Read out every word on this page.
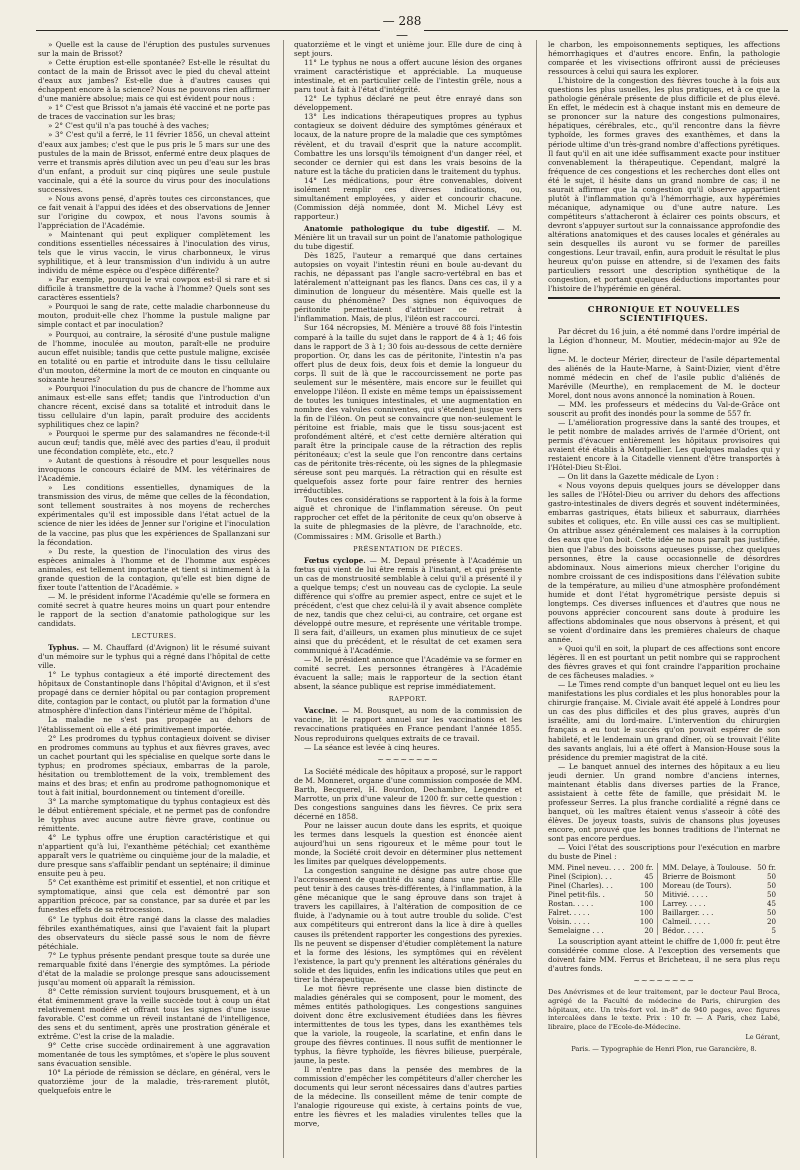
— 288 —

» Quelle est la cause de l'éruption des pustules survenues sur la main de Brissot?

» Cette éruption est-elle spontanée? Est-elle le résultat du contact de la main de Brissot avec le pied du cheval atteint d'eaux aux jambes? Est-elle due à d'autres causes qui échappent encore à la science? Nous ne pouvons rien affirmer d'une manière absolue; mais ce qui est évident pour nous :

» 1° C'est que Brissot n'a jamais été vacciné et ne porte pas de traces de vaccination sur les bras;

» 2° C'est qu'il n'a pas touché à des vaches;

» 3° C'est qu'il a ferré, le 11 février 1856, un cheval atteint d'eaux aux jambes; c'est que le pus pris le 5 mars sur une des pustules de la main de Brissot, enfermé entre deux plaques de verre et transmis après dilution avec un peu d'eau sur les bras d'un enfant, a produit sur cinq piqûres une seule pustule vaccinale, qui a été la source du virus pour des inoculations successives.

» Nous avons pensé, d'après toutes ces circonstances, que ce fait venait à l'appui des idées et des observations de Jenner sur l'origine du cowpox, et nous l'avons soumis à l'appréciation de l'Académie.

» Maintenant qui peut expliquer complètement les conditions essentielles nécessaires à l'inoculation des virus, tels que le virus vaccin, le virus charbonneux, le virus syphilitique, et à leur transmission d'un individu à un autre individu de même espèce ou d'espèce différente?

» Par exemple, pourquoi le vrai cowpox est-il si rare et si difficile à transmettre de la vache à l'homme? Quels sont ses caractères essentiels?

» Pourquoi le sang de rate, cette maladie charbonneuse du mouton, produit-elle chez l'homme la pustule maligne par simple contact et par inoculation?

» Pourquoi, au contraire, la sérosité d'une pustule maligne de l'homme, inoculée au mouton, paraît-elle ne produire aucun effet nuisible; tandis que cette pustule maligne, excisée en totalité ou en partie et introduite dans le tissu cellulaire d'un mouton, détermine la mort de ce mouton en cinquante ou soixante heures?

» Pourquoi l'inoculation du pus de chancre de l'homme aux animaux est-elle sans effet; tandis que l'introduction d'un chancre récent, excisé dans sa totalité et introduit dans le tissu cellulaire d'un lapin, paraît produire des accidents syphilitiques chez ce lapin?

» Pourquoi le sperme pur des salamandres ne féconde-t-il aucun œuf; tandis que, mêlé avec des parties d'eau, il produit une fécondation complète, etc., etc.?

» Autant de questions à résoudre et pour lesquelles nous invoquons le concours éclairé de MM. les vétérinaires de l'Académie.

» Les conditions essentielles, dynamiques de la transmission des virus, de même que celles de la fécondation, sont tellement soustraites à nos moyens de recherches expérimentales qu'il est impossible dans l'état actuel de la science de nier les idées de Jenner sur l'origine et l'inoculation de la vaccine, pas plus que les expériences de Spallanzani sur la fécondation.

» Du reste, la question de l'inoculation des virus des espèces animales à l'homme et de l'homme aux espèces animales, est tellement importante et tient si intimement à la grande question de la contagion, qu'elle est bien digne de fixer toute l'attention de l'Académie. »

— M. le président informe l'Académie qu'elle se formera en comité secret à quatre heures moins un quart pour entendre le rapport de la section d'anatomie pathologique sur les candidats.

LECTURES.

Typhus. — M. Chauffard (d'Avignon) lit le résumé suivant d'un mémoire sur le typhus qui a régné dans l'hôpital de cette ville.

1° Le typhus contagieux a été importé directement des hôpitaux de Constantinople dans l'hôpital d'Avignon, et il s'est propagé dans ce dernier hôpital ou par contagion proprement dite, contagion par le contact, ou plutôt par la formation d'une atmosphère d'infection dans l'intérieur même de l'hôpital.

La maladie ne s'est pas propagée au dehors de l'établissement où elle a été primitivement importée.

2° Les prodromes du typhus contagieux doivent se diviser en prodromes communs au typhus et aux fièvres graves, avec un cachet pourtant qui les spécialise en quelque sorte dans le typhus; en prodromes spéciaux, embarras de la parole, hésitation ou tremblottement de la voix, tremblement des mains et des bras; et enfin au prodrome pathognomonique et tout à fait initial, bourdonnement ou tintement d'oreille.

3° La marche symptomatique du typhus contagieux est dès le début entièrement spéciale, et ne permet pas de confondre le typhus avec aucune autre fièvre grave, continue ou rémittente.

4° Le typhus offre une éruption caractéristique et qui n'appartient qu'à lui, l'exanthème pétéchial; cet exanthème apparaît vers le quatrième ou cinquième jour de la maladie, et dure presque sans s'affaiblir pendant un septénaire; il diminue ensuite peu à peu.

5° Cet exanthème est primitif et essentiel, et non critique et symptomatique, ainsi que cela est démontré par son apparition précoce, par sa constance, par sa durée et par les funestes effets de sa rétrocession.

6° Le typhus doit être rangé dans la classe des maladies fébriles exanthématiques, ainsi que l'avaient fait la plupart des observateurs du siècle passé sous le nom de fièvre pétéchiale.

7° Le typhus présente pendant presque toute sa durée une remarquable fixité dans l'énergie des symptômes. La période d'état de la maladie se prolonge presque sans adoucissement jusqu'au moment où apparaît la rémission.

8° Cette rémission survient toujours brusquement, et à un état éminemment grave la veille succède tout à coup un état relativement modéré et offrant tous les signes d'une issue favorable. C'est comme un réveil instantané de l'intelligence, des sens et du sentiment, après une prostration générale et extrême. C'est la crise de la maladie.

9° Cette crise succède ordinairement à une aggravation momentanée de tous les symptômes, et s'opère le plus souvent sans évacuation sensible.

10° La période de rémission se déclare, en général, vers le quatorzième jour de la maladie, très-rarement plutôt, quelquefois entre le

quatorzième et le vingt et unième jour. Elle dure de cinq à sept jours.

11° Le typhus ne nous a offert aucune lésion des organes vraiment caractéristique et appréciable. La muqueuse intestinale, et en particulier celle de l'intestin grêle, nous a paru tout à fait à l'état d'intégrité.

12° Le typhus déclaré ne peut être enrayé dans son développement.

13° Les indications thérapeutiques propres au typhus contagieux se doivent déduire des symptômes généraux et locaux, de la nature propre de la maladie que ces symptômes révèlent, et du travail d'esprit que la nature accomplit. Combattre les uns lorsqu'ils témoignent d'un danger réel, et seconder ce dernier qui est dans les vrais besoins de la nature est la tâche du praticien dans le traitement du typhus.

14° Les médications, pour être convenables, doivent isolément remplir ces diverses indications, ou, simultanément employées, y aider et concourir chacune. (Commission déjà nommée, dont M. Michel Lévy est rapporteur.)

Anatomie pathologique du tube digestif. — M. Ménière lit un travail sur un point de l'anatomie pathologique du tube digestif.

Dès 1825, l'auteur a remarqué que dans certaines autopsies on voyait l'intestin réuni en boule au-devant du rachis, ne dépassant pas l'angle sacro-vertébral en bas et latéralement n'atteignant pas les flancs. Dans ces cas, il y a diminution de longueur du mésentère. Mais quelle est la cause du phénomène? Des signes non équivoques de péritonite permettaient d'attribuer ce retrait à l'inflammation. Mais, de plus, l'iléon est raccourci.

Sur 164 nécropsies, M. Ménière a trouvé 88 fois l'intestin comparé à la taille du sujet dans le rapport de 4 à 1; 46 fois dans le rapport de 3 à 1; 30 fois au-dessous de cette dernière proportion. Or, dans les cas de péritonite, l'intestin n'a pas offert plus de deux fois, deux fois et demie la longueur du corps. Il suit de là que le raccourcissement ne porte pas seulement sur le mésentère, mais encore sur le feuillet qui enveloppe l'iléon. Il existe en même temps un épaississement de toutes les tuniques intestinales, et une augmentation en nombre des valvules conniventes, qui s'étendent jusque vers la fin de l'iléon. On peut se convaincre que non-seulement le péritoine est friable, mais que le tissu sous-jacent est profondément altéré, et c'est cette dernière altération qui paraît être la principale cause de la rétraction des replis péritonéaux; c'est la seule que l'on rencontre dans certains cas de péritonite très-récente, où les signes de la phlegmasie séreuse sont peu marqués. La rétraction qui en résulte est quelquefois assez forte pour faire rentrer des hernies irréductibles.

Toutes ces considérations se rapportent à la fois à la forme aiguë et chronique de l'inflammation séreuse. On peut rapprocher cet effet de la péritonite de ceux qu'on observe à la suite de phlegmasies de la plèvre, de l'arachnoïde, etc. (Commissaires : MM. Grisolle et Barth.)

PRÉSENTATION DE PIÈCES.

Fœtus cyclope. — M. Depaul présente à l'Académie un fœtus qui vient de lui être remis à l'instant, et qui présente un cas de monstruosité semblable à celui qu'il a présenté il y a quelque temps; c'est un nouveau cas de cyclopie. La seule différence qui s'offre au premier aspect, entre ce sujet et le précédent, c'est que chez celui-là il y avait absence complète de nez, tandis que chez celui-ci, au contraire, cet organe est développé outre mesure, et représente une véritable trompe. Il sera fait, d'ailleurs, un examen plus minutieux de ce sujet ainsi que du précédent, et le résultat de cet examen sera communiqué à l'Académie.

— M. le président annonce que l'Académie va se former en comité secret. Les personnes étrangères à l'Académie évacuent la salle; mais le rapporteur de la section étant absent, la séance publique est reprise immédiatement.

RAPPORT.

Vaccine. — M. Bousquet, au nom de la commission de vaccine, lit le rapport annuel sur les vaccinations et les revaccinations pratiquées en France pendant l'année 1855. Nous reproduirons quelques extraits de ce travail.

— La séance est levée à cinq heures.

~~~~~~~~

La Société médicale des hôpitaux a proposé, sur le rapport de M. Monneret, organe d'une commission composée de MM. Barth, Becquerel, H. Bourdon, Dechambre, Legendre et Marrotte, un prix d'une valeur de 1200 fr. sur cette question : Des congestions sanguines dans les fièvres. Ce prix sera décerné en 1858.

Pour ne laisser aucun doute dans les esprits, et quoique les termes dans lesquels la question est énoncée aient aujourd'hui un sens rigoureux et le même pour tout le monde, la Société croit devoir en déterminer plus nettement les limites par quelques développements.

La congestion sanguine ne désigne pas autre chose que l'accroissement de quantité du sang dans une partie. Elle peut tenir à des causes très-différentes, à l'inflammation, à la gêne mécanique que le sang éprouve dans son trajet à travers les capillaires, à l'altération de composition de ce fluide, à l'adynamie ou à tout autre trouble du solide. C'est aux compétiteurs qui entreront dans la lice à dire à quelles causes ils prétendent rapporter les congestions des pyrexies. Ils ne peuvent se dispenser d'étudier complètement la nature et la forme des lésions, les symptômes qui en révèlent l'existence, la part qu'y prennent les altérations générales du solide et des liquides, enfin les indications utiles que peut en tirer la thérapeutique.

Le mot fièvre représente une classe bien distincte de maladies générales qui se composent, pour le moment, des mêmes entités pathologiques. Les congestions sanguines doivent donc être exclusivement étudiées dans les fièvres intermittentes de tous les types, dans les exanthèmes tels que la variole, la rougeole, la scarlatine, et enfin dans le groupe des fièvres continues. Il nous suffit de mentionner le typhus, la fièvre typhoïde, les fièvres bilieuse, puerpérale, jaune, la peste.

Il n'entre pas dans la pensée des membres de la commission d'empêcher les compétiteurs d'aller chercher les documents qui leur seront nécessaires dans d'autres parties de la médecine. Ils conseillent même de tenir compte de l'analogie rigoureuse qui existe, à certains points de vue, entre les fièvres et les maladies virulentes telles que la morve,

le charbon, les empoisonnements septiques, les affections hémorrhagiques et d'autres encore. Enfin, la pathologie comparée et les vivisections offriront aussi de précieuses ressources à celui qui saura les explorer.

L'histoire de la congestion des fièvres touche à la fois aux questions les plus usuelles, les plus pratiques, et à ce que la pathologie générale présente de plus difficile et de plus élevé. En effet, le médecin est à chaque instant mis en demeure de se prononcer sur la nature des congestions pulmonaires, hépatiques, cérébrales, etc., qu'il rencontre dans la fièvre typhoïde, les formes graves des exanthèmes, et dans la période ultime d'un très-grand nombre d'affections pyrétiques. Il faut qu'il en ait une idée suffisamment exacte pour instituer convenablement la thérapeutique. Cependant, malgré la fréquence de ces congestions et les recherches dont elles ont été le sujet, il hésite dans un grand nombre de cas; il ne saurait affirmer que la congestion qu'il observe appartient plutôt à l'inflammation qu'à l'hémorrhagie, aux hypérémies mécanique, adynamique ou d'une autre nature. Les compétiteurs s'attacheront à éclairer ces points obscurs, et devront s'appuyer surtout sur la connaissance approfondie des altérations anatomiques et des causes locales et générales au sein desquelles ils auront vu se former de pareilles congestions. Leur travail, enfin, aura produit le résultat le plus heureux qu'on puisse en attendre, si de l'examen des faits particuliers ressort une description synthétique de la congestion, et portant quelques déductions importantes pour l'histoire de l'hypérémie en général.

CHRONIQUE ET NOUVELLES SCIENTIFIQUES.

Par décret du 16 juin, a été nommé dans l'ordre impérial de la Légion d'honneur, M. Moutier, médecin-major au 92e de ligne.

— M. le docteur Mérier, directeur de l'asile départemental des aliénés de la Haute-Marne, à Saint-Dizier, vient d'être nommé médecin en chef de l'asile public d'aliénés de Maréville (Meurthe), en remplacement de M. le docteur Morel, dont nous avons annoncé la nomination à Rouen.

— MM. les professeurs et médecins du Val-de-Grâce ont souscrit au profit des inondés pour la somme de 557 fr.

— L'amélioration progressive dans la santé des troupes, et le petit nombre de malades arrivés de l'armée d'Orient, ont permis d'évacuer entièrement les hôpitaux provisoires qui avaient été établis à Montpellier. Les quelques malades qui y restaient encore à la Citadelle viennent d'être transportés à l'Hôtel-Dieu St-Éloi.

— On lit dans la Gazette médicale de Lyon :

« Nous voyons depuis quelques jours se développer dans les salles de l'Hôtel-Dieu ou arriver du dehors des affections gastro-intestinales de divers degrés et souvent indéterminées, embarras gastriques, états bilieux et saburraux, diarrhées subites et coliques, etc. En ville aussi ces cas se multiplient. On attribue assez généralement ces malaises à la corruption des eaux que l'on boit. Cette idée ne nous paraît pas justifiée, bien que l'abus des boissons aqueuses puisse, chez quelques personnes, être la cause occasionnelle de désordres abdominaux. Nous aimerions mieux chercher l'origine du nombre croissant de ces indispositions dans l'élévation subite de la température, au milieu d'une atmosphère profondément humide et dont l'état hygrométrique persiste depuis si longtemps. Ces diverses influences et d'autres que nous ne pouvons apprécier concourent sans doute à produire les affections abdominales que nous observons à présent, et qui se voient d'ordinaire dans les premières chaleurs de chaque année.

» Quoi qu'il en soit, la plupart de ces affections sont encore légères. Il en est pourtant un petit nombre qui se rapprochent des fièvres graves et qui font craindre l'apparition prochaine de ces fâcheuses maladies. »

— Le Times rend compte d'un banquet lequel ont eu lieu les manifestations les plus cordiales et les plus honorables pour la chirurgie française. M. Civiale avait été appelé à Londres pour un cas des plus difficiles et des plus graves, auprès d'un israélite, ami du lord-maire. L'intervention du chirurgien français a eu tout le succès qu'on pouvait espérer de son habileté, et le lendemain un grand dîner, où se trouvait l'élite des savants anglais, lui a été offert à Mansion-House sous la présidence du premier magistrat de la cité.

— Le banquet annuel des internes des hôpitaux a eu lieu jeudi dernier. Un grand nombre d'anciens internes, maintenant établis dans diverses parties de la France, assistaient à cette fête de famille, que présidait M. le professeur Serres. La plus franche cordialité a régné dans ce banquet, où les maîtres étaient venus s'asseoir à côté des élèves. De joyeux toasts, suivis de chansons plus joyeuses encore, ont prouvé que les bonnes traditions de l'internat ne sont pas encore perdues.

— Voici l'état des souscriptions pour l'exécution en marbre du buste de Pinel :

MM. Pinel neveu. . . .	200 fr.	MM. Delaye, à Toulouse.	50 fr.
Pinel (Scipion). . .	45	Brierre de Boismont	50
Pinel (Charles). . .	100	Moreau (de Tours).	50
Pinel petit-fils. .	50	Mitivié. . . . .	50
Rostan. . . . .	100	Larrey. . . . .	45
Falret. . . . .	100	Baillarger. . . .	50
Voisin. . . . .	100	Calmeil. . . . .	20
Semelaigne . . .	20	Bédor. . . . .	5

La souscription ayant atteint le chiffre de 1,000 fr. peut être considérée comme close. A l'exception des versements que doivent faire MM. Ferrus et Bricheteau, il ne sera plus reçu d'autres fonds.

~~~~~~~~
Des Anévrismes et de leur traitement, par le docteur Paul Broca, agrégé de la Faculté de médecine de Paris, chirurgien des hôpitaux, etc. Un très-fort vol. in-8° de 940 pages, avec figures intercalées dans le texte. Prix : 10 fr. — A Paris, chez Labé, libraire, place de l'Ecole-de-Médecine.
Le Gérant,
Paris. — Typographie de Henri Plon, rue Garancière, 8.
